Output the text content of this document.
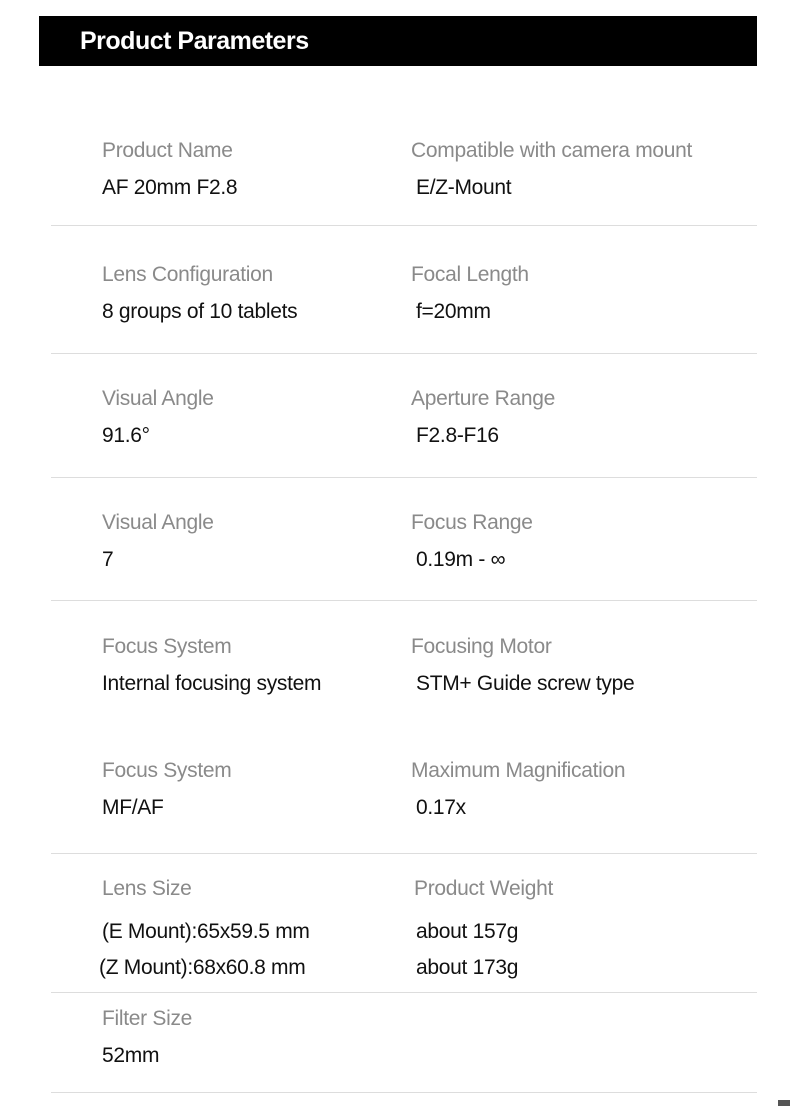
Product Parameters
Product Name
AF 20mm F2.8
Compatible with camera mount
E/Z-Mount
Lens Configuration
8 groups of 10 tablets
Focal Length
f=20mm
Visual Angle
91.6°
Aperture Range
F2.8-F16
Visual Angle
7
Focus Range
0.19m - ∞
Focus System
Internal focusing system
Focusing Motor
STM+ Guide screw type
Focus System
MF/AF
Maximum Magnification
0.17x
Lens Size
(E Mount):65x59.5 mm
(Z Mount):68x60.8 mm
Product Weight
about 157g
about 173g
Filter Size
52mm
